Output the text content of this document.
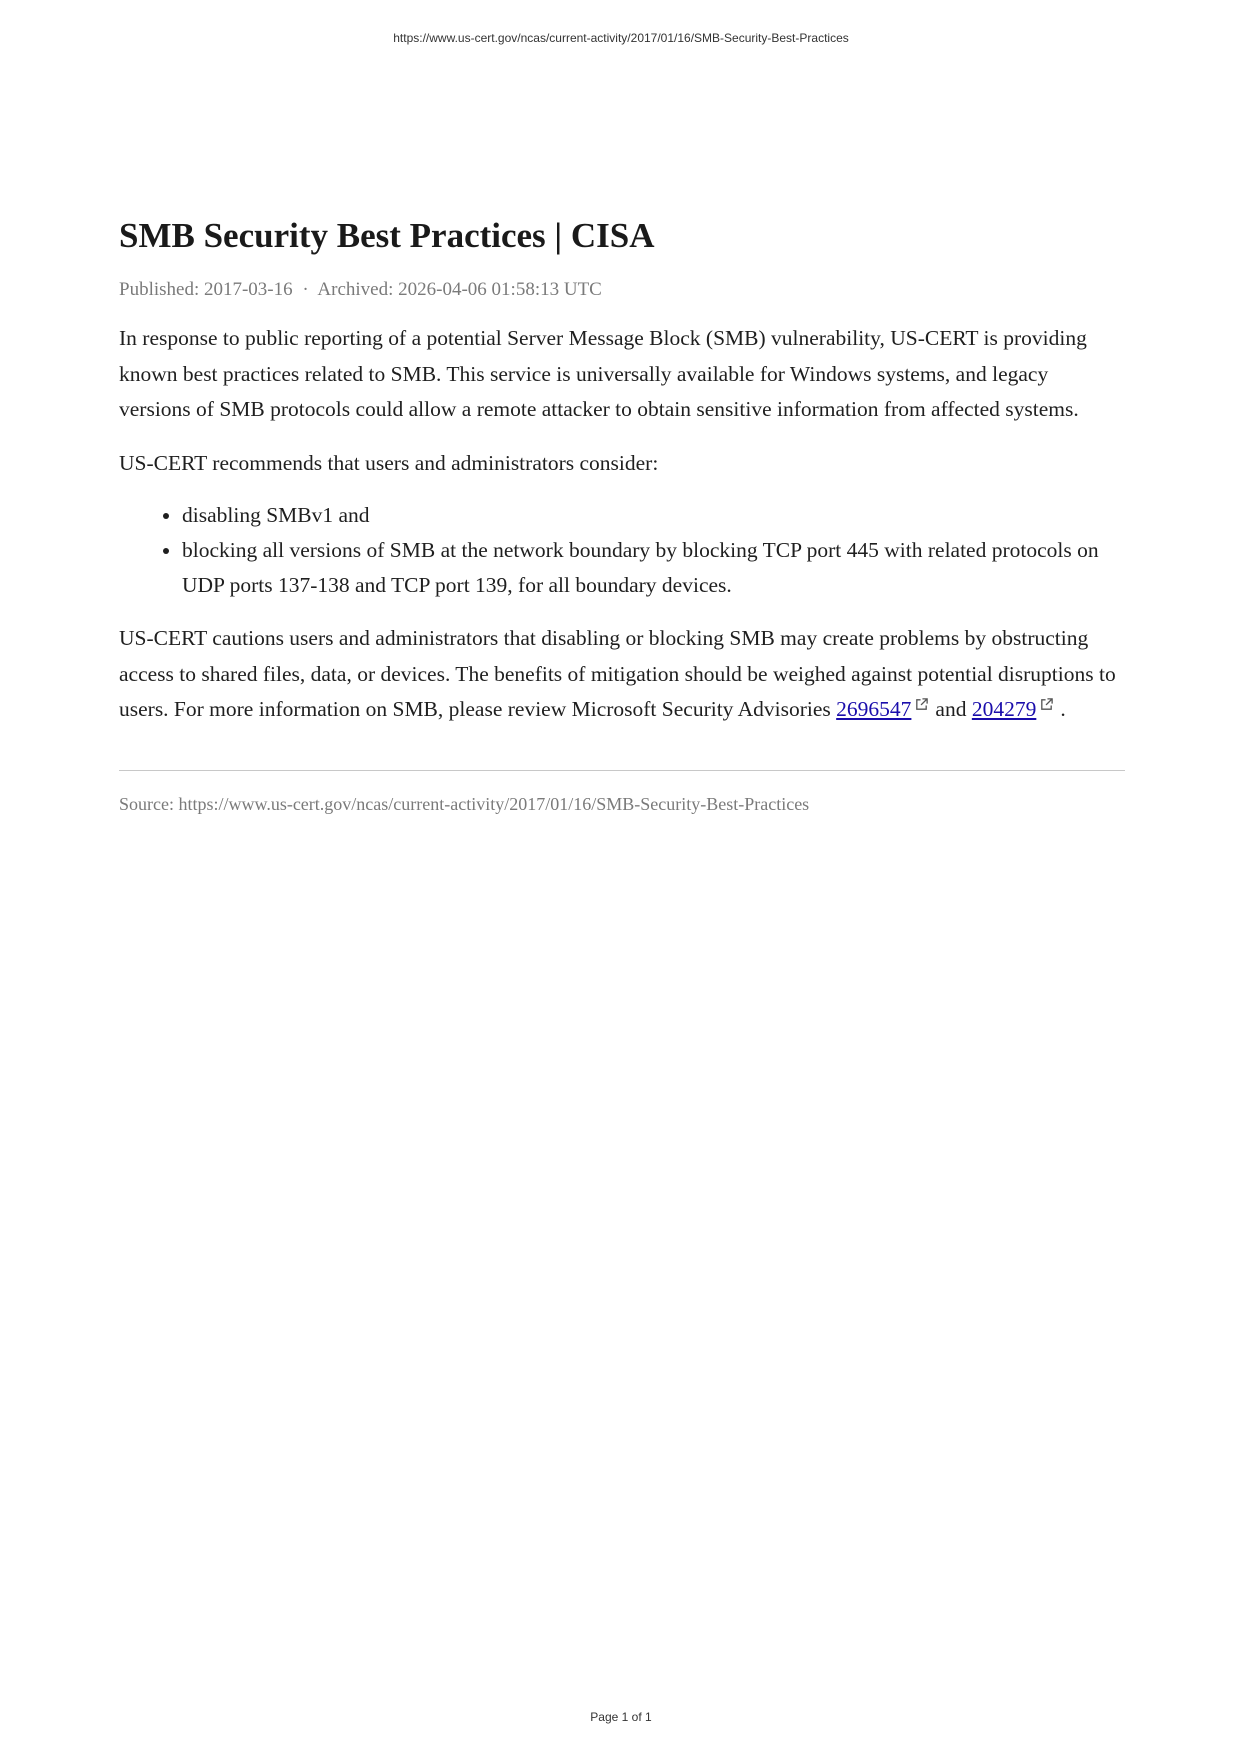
https://www.us-cert.gov/ncas/current-activity/2017/01/16/SMB-Security-Best-Practices
SMB Security Best Practices | CISA
Published: 2017-03-16 · Archived: 2026-04-06 01:58:13 UTC

In response to public reporting of a potential Server Message Block (SMB) vulnerability, US-CERT is providing known best practices related to SMB. This service is universally available for Windows systems, and legacy versions of SMB protocols could allow a remote attacker to obtain sensitive information from affected systems.

US-CERT recommends that users and administrators consider:

• disabling SMBv1 and
• blocking all versions of SMB at the network boundary by blocking TCP port 445 with related protocols on UDP ports 137-138 and TCP port 139, for all boundary devices.

US-CERT cautions users and administrators that disabling or blocking SMB may create problems by obstructing access to shared files, data, or devices. The benefits of mitigation should be weighed against potential disruptions to users. For more information on SMB, please review Microsoft Security Advisories 2696547 and 204279 .

Source: https://www.us-cert.gov/ncas/current-activity/2017/01/16/SMB-Security-Best-Practices
Page 1 of 1
